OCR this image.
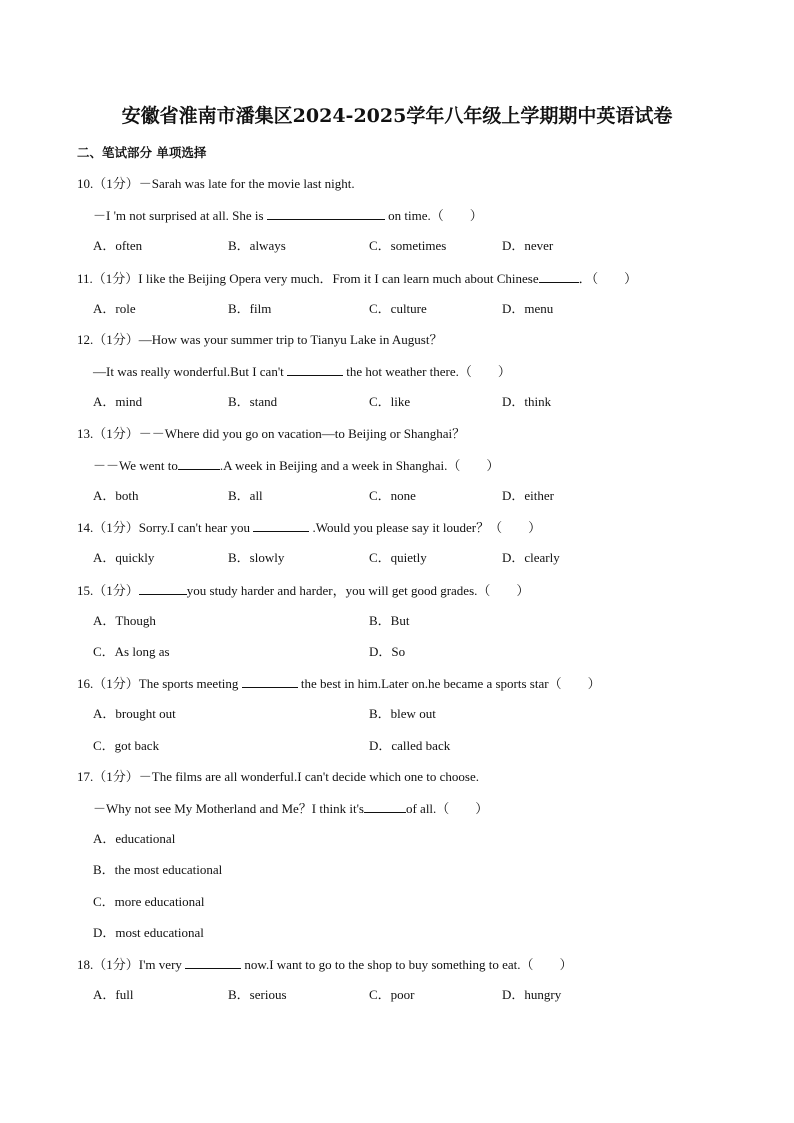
安徽省淮南市潘集区2024-2025学年八年级上学期期中英语试卷
二、笔试部分 单项选择
10.（1分）－Sarah was late for the movie last night.
－I 'm not surprised at all. She is	on time.（　　）
A．often	B．always	C．sometimes	D．never
11.（1分）I like the Beijing Opera very much．From it I can learn much about Chinese	．（　　）
A．role	B．film	C．culture	D．menu
12.（1分）—How was your summer trip to Tianyu Lake in August？
—It was really wonderful.But I can't	the hot weather there.（　　）
A．mind	B．stand	C．like	D．think
13.（1分）－－Where did you go on vacation—to Beijing or Shanghai？
－－We went to	.A week in Beijing and a week in Shanghai.（　　）
A．both	B．all	C．none	D．either
14.（1分）Sorry.I can't hear you	.Would you please say it louder？（　　）
A．quickly	B．slowly	C．quietly	D．clearly
15.（1分）	you study harder and harder，you will get good grades.（　　）
A．Though	B．But
C．As long as	D．So
16.（1分）The sports meeting	the best in him.Later on.he became a sports star（　　）
A．brought out	B．blew out
C．got back	D．called back
17.（1分）－The films are all wonderful.I can't decide which one to choose.
－Why not see My Motherland and Me？I think it's	of all.（　　）
A．educational
B．the most educational
C．more educational
D．most educational
18.（1分）I'm very	now.I want to go to the shop to buy something to eat.（　　）
A．full	B．serious	C．poor	D．hungry
